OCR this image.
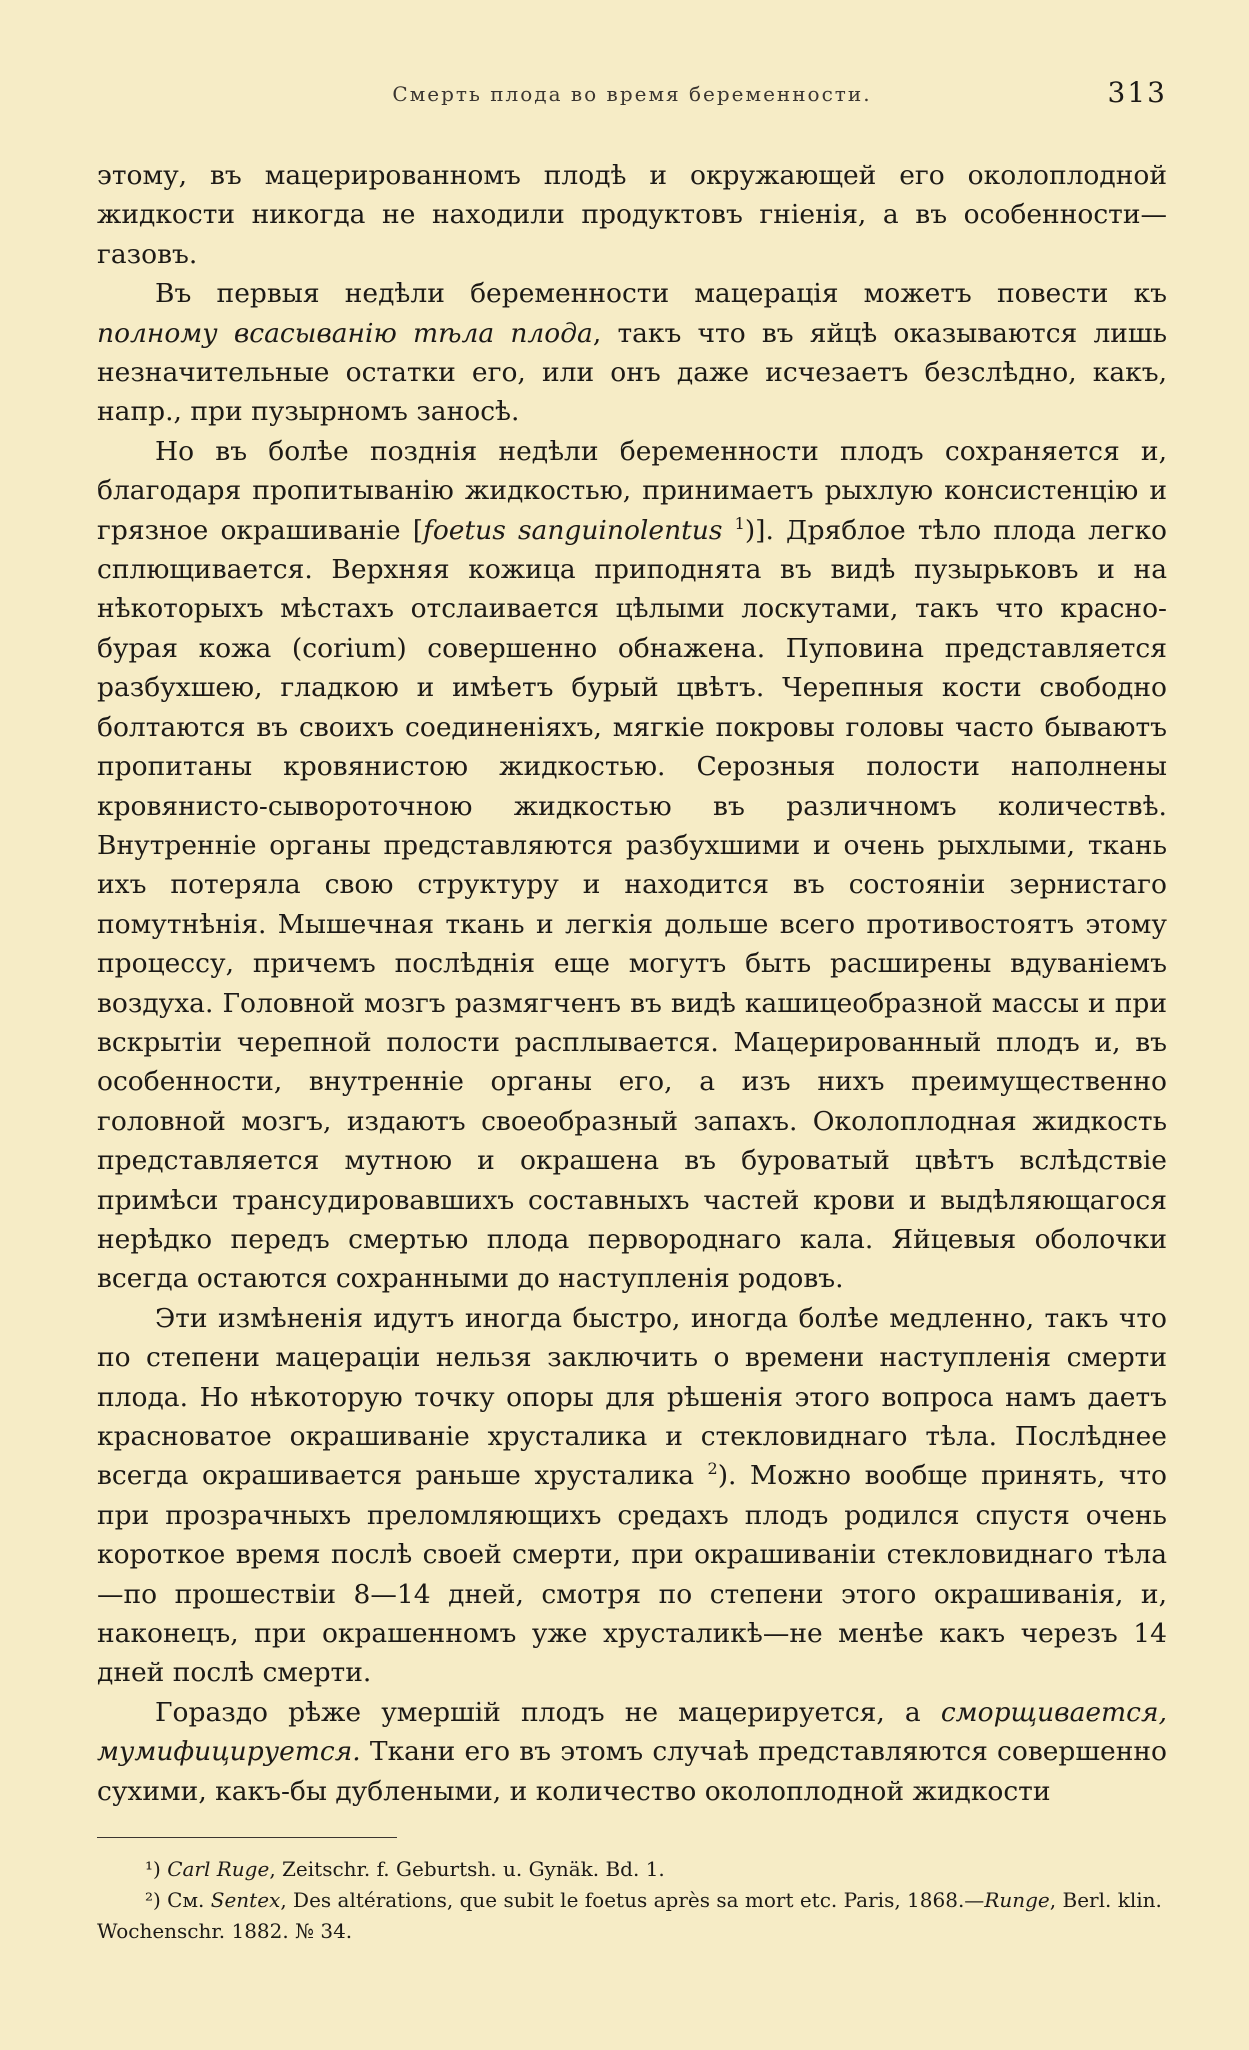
Смерть плода во время беременности.	313

этому, въ мацерированномъ плодѣ и окружающей его околоплодной жидкости никогда не находили продуктовъ гніенія, а въ особенности—газовъ.

Въ первыя недѣли беременности мацерація можетъ повести къ полному всасыванію тѣла плода, такъ что въ яйцѣ оказываются лишь незначительные остатки его, или онъ даже исчезаетъ безслѣдно, какъ, напр., при пузырномъ заносѣ.

Но въ болѣе позднія недѣли беременности плодъ сохраняется и, благодаря пропитыванію жидкостью, принимаетъ рыхлую консистенцію и грязное окрашиваніе [foetus sanguinolentus $^1$)]. Дряблое тѣло плода легко сплющивается. Верхняя кожица приподнята въ видѣ пузырьковъ и на нѣкоторыхъ мѣстахъ отслаивается цѣлыми лоскутами, такъ что красно-бурая кожа (corium) совершенно обнажена. Пуповина представляется разбухшею, гладкою и имѣетъ бурый цвѣтъ. Черепныя кости свободно болтаются въ своихъ соединеніяхъ, мягкіе покровы головы часто бываютъ пропитаны кровянистою жидкостью. Серозныя полости наполнены кровянисто-сывороточною жидкостью въ различномъ количествѣ. Внутренніе органы представляются разбухшими и очень рыхлыми, ткань ихъ потеряла свою структуру и находится въ состояніи зернистаго помутнѣнія. Мышечная ткань и легкія дольше всего противостоятъ этому процессу, причемъ послѣднія еще могутъ быть расширены вдуваніемъ воздуха. Головной мозгъ размягченъ въ видѣ кашицеобразной массы и при вскрытіи черепной полости расплывается. Мацерированный плодъ и, въ особенности, внутренніе органы его, а изъ нихъ преимущественно головной мозгъ, издаютъ своеобразный запахъ. Околоплодная жидкость представляется мутною и окрашена въ буроватый цвѣтъ вслѣдствіе примѣси трансудировавшихъ составныхъ частей крови и выдѣляющагося нерѣдко передъ смертью плода первороднаго кала. Яйцевыя оболочки всегда остаются сохранными до наступленія родовъ.

Эти измѣненія идутъ иногда быстро, иногда болѣе медленно, такъ что по степени мацераціи нельзя заключить о времени наступленія смерти плода. Но нѣкоторую точку опоры для рѣшенія этого вопроса намъ даетъ красноватое окрашиваніе хрусталика и стекловиднаго тѣла. Послѣднее всегда окрашивается раньше хрусталика $^2$). Можно вообще принять, что при прозрачныхъ преломляющихъ средахъ плодъ родился спустя очень короткое время послѣ своей смерти, при окрашиваніи стекловиднаго тѣла—по прошествіи 8—14 дней, смотря по степени этого окрашиванія, и, наконецъ, при окрашенномъ уже хрусталикѣ—не менѣе какъ черезъ 14 дней послѣ смерти.

Гораздо рѣже умершій плодъ не мацерируется, а сморщивается, мумифицируется. Ткани его въ этомъ случаѣ представляются совершенно сухими, какъ-бы дублеными, и количество околоплодной жидкости

¹) Carl Ruge, Zeitschr. f. Geburtsh. u. Gynäk. Bd. 1.

²) См. Sentex, Des altérations, que subit le foetus après sa mort etc. Paris, 1868.—Runge, Berl. klin. Wochenschr. 1882. № 34.
